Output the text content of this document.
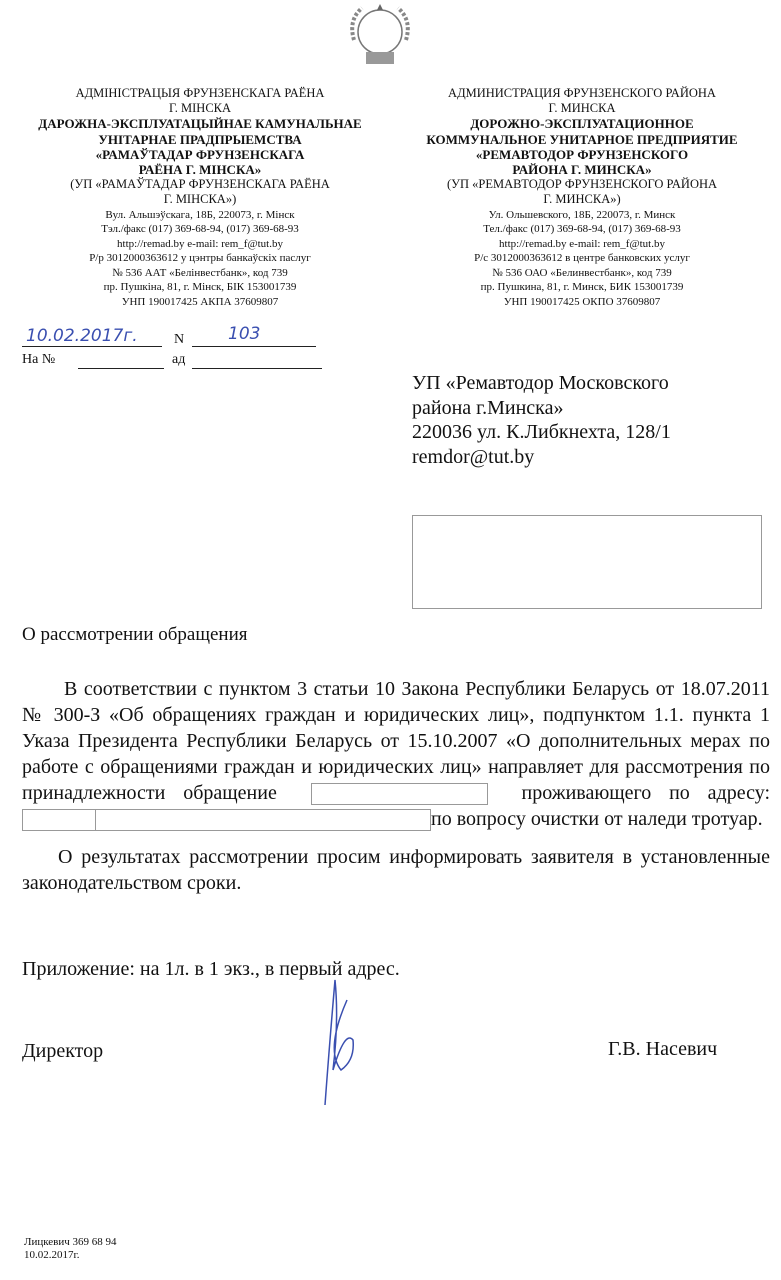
АДМІНІСТРАЦЫЯ ФРУНЗЕНСКАГА РАЁНА
Г. МІНСКА
ДАРОЖНА-ЭКСПЛУАТАЦЫЙНАЕ КАМУНАЛЬНАЕ
УНІТАРНАЕ ПРАДПРЫЕМСТВА
«РАМАЎТАДАР ФРУНЗЕНСКАГА
РАЁНА Г. МІНСКА»
(УП «РАМАЎТАДАР ФРУНЗЕНСКАГА РАЁНА
Г. МІНСКА»)
Вул. Альшэўскага, 18Б, 220073, г. Мінск
Тэл./факс (017) 369-68-94, (017) 369-68-93
http://remad.by e-mail: rem_f@tut.by
Р/р 3012000363612 у цэнтры банкаўскіх паслуг
№ 536 ААТ «Белінвестбанк», код 739
пр. Пушкіна, 81, г. Мінск, БІК 153001739
УНП 190017425 АКПА 37609807
АДМИНИСТРАЦИЯ ФРУНЗЕНСКОГО РАЙОНА
Г. МИНСКА
ДОРОЖНО-ЭКСПЛУАТАЦИОННОЕ
КОММУНАЛЬНОЕ УНИТАРНОЕ ПРЕДПРИЯТИЕ
«РЕМАВТОДОР ФРУНЗЕНСКОГО
РАЙОНА Г. МИНСКА»
(УП «РЕМАВТОДОР ФРУНЗЕНСКОГО РАЙОНА
Г. МИНСКА»)
Ул. Ольшевского, 18Б, 220073, г. Минск
Тел./факс (017) 369-68-94, (017) 369-68-93
http://remad.by e-mail: rem_f@tut.by
Р/с 3012000363612 в центре банковских услуг
№ 536 ОАО «Белинвестбанк», код 739
пр. Пушкина, 81, г. Минск, БИК 153001739
УНП 190017425 ОКПО 37609807
10.02.2017г.	N	103
На №	ад
УП «Ремавтодор Московского
района г.Минска»
220036 ул. К.Либкнехта, 128/1
remdor@tut.by
О рассмотрении обращения
В соответствии с пунктом 3 статьи 10 Закона Республики Беларусь от 18.07.2011 № 300-З «Об обращениях граждан и юридических лиц», подпунктом 1.1. пункта 1 Указа Президента Республики Беларусь от 15.10.2007 «О дополнительных мерах по работе с обращениями граждан и юридических лиц» направляет для рассмотрения по принадлежности обращение	проживающего по адресу:  по вопросу очистки от наледи тротуар.
О результатах рассмотрении просим информировать заявителя в установленные законодательством сроки.
Приложение: на 1л. в 1 экз., в первый адрес.
Директор	Г.В. Насевич
Лицкевич 369 68 94
10.02.2017г.
